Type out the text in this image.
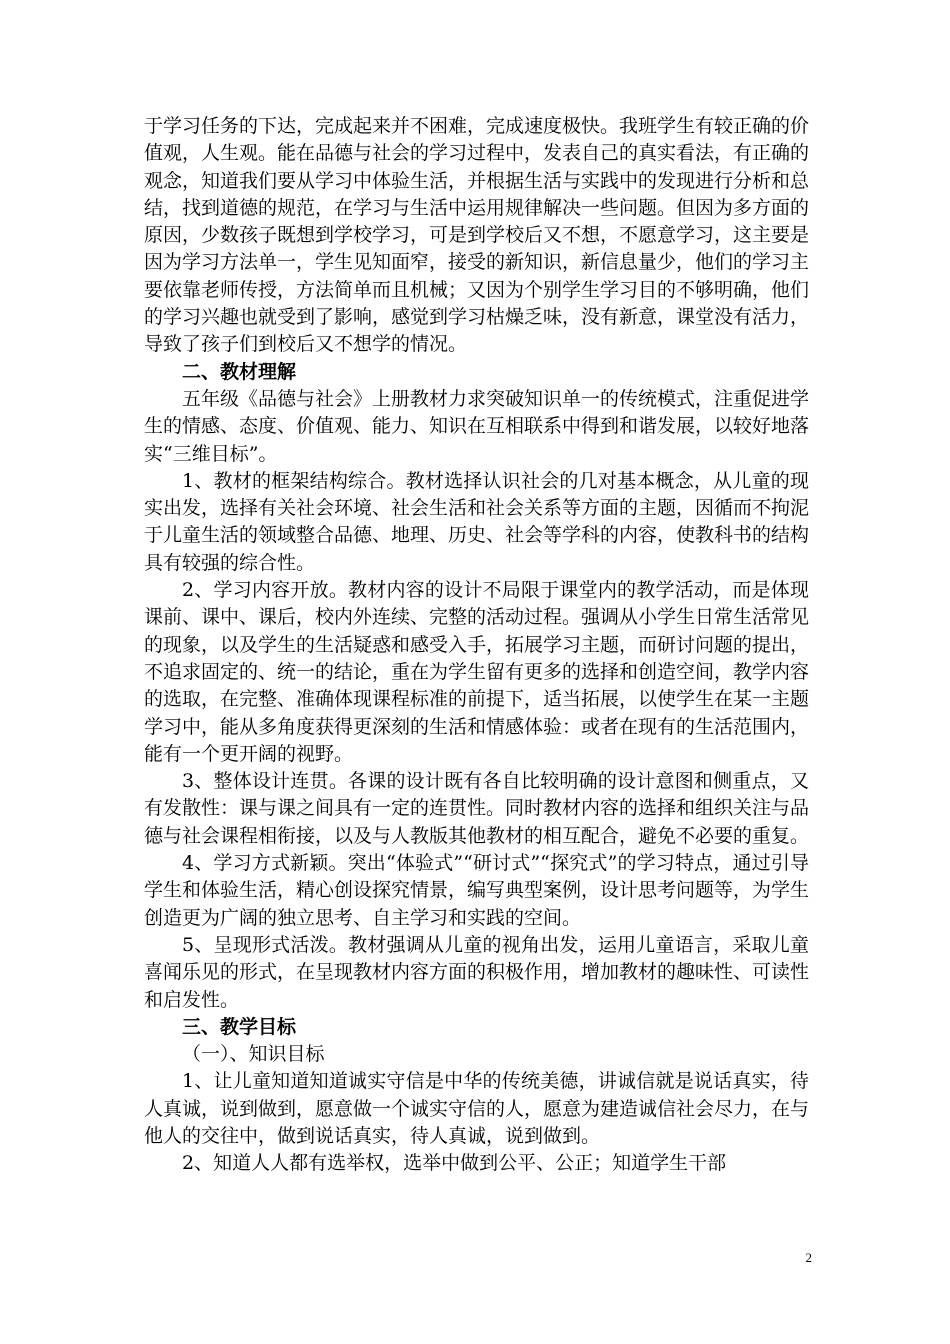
于学习任务的下达，完成起来并不困难，完成速度极快。我班学生有较正确的价值观，人生观。能在品德与社会的学习过程中，发表自己的真实看法，有正确的观念，知道我们要从学习中体验生活，并根据生活与实践中的发现进行分析和总结，找到道德的规范，在学习与生活中运用规律解决一些问题。但因为多方面的原因，少数孩子既想到学校学习，可是到学校后又不想，不愿意学习，这主要是因为学习方法单一，学生见知面窄，接受的新知识，新信息量少，他们的学习主要依靠老师传授，方法简单而且机械；又因为个别学生学习目的不够明确，他们的学习兴趣也就受到了影响，感觉到学习枯燥乏味，没有新意，课堂没有活力，导致了孩子们到校后又不想学的情况。

二、教材理解

五年级《品德与社会》上册教材力求突破知识单一的传统模式，注重促进学生的情感、态度、价值观、能力、知识在互相联系中得到和谐发展，以较好地落实“三维目标”。

1、教材的框架结构综合。教材选择认识社会的几对基本概念，从儿童的现实出发，选择有关社会环境、社会生活和社会关系等方面的主题，因循而不拘泥于儿童生活的领域整合品德、地理、历史、社会等学科的内容，使教科书的结构具有较强的综合性。

2、学习内容开放。教材内容的设计不局限于课堂内的教学活动，而是体现课前、课中、课后，校内外连续、完整的活动过程。强调从小学生日常生活常见的现象，以及学生的生活疑惑和感受入手，拓展学习主题，而研讨问题的提出，不追求固定的、统一的结论，重在为学生留有更多的选择和创造空间，教学内容的选取，在完整、准确体现课程标准的前提下，适当拓展，以使学生在某一主题学习中，能从多角度获得更深刻的生活和情感体验：或者在现有的生活范围内，能有一个更开阔的视野。

3、整体设计连贯。各课的设计既有各自比较明确的设计意图和侧重点，又有发散性：课与课之间具有一定的连贯性。同时教材内容的选择和组织关注与品德与社会课程相衔接，以及与人教版其他教材的相互配合，避免不必要的重复。

4、学习方式新颖。突出“体验式”“研讨式”“探究式”的学习特点，通过引导学生和体验生活，精心创设探究情景，编写典型案例，设计思考问题等，为学生创造更为广阔的独立思考、自主学习和实践的空间。

5、呈现形式活泼。教材强调从儿童的视角出发，运用儿童语言，采取儿童喜闻乐见的形式，在呈现教材内容方面的积极作用，增加教材的趣味性、可读性和启发性。

三、教学目标

（一）、知识目标

1、让儿童知道知道诚实守信是中华的传统美德，讲诚信就是说话真实，待人真诚，说到做到，愿意做一个诚实守信的人，愿意为建造诚信社会尽力，在与他人的交往中，做到说话真实，待人真诚，说到做到。

2、知道人人都有选举权，选举中做到公平、公正；知道学生干部

2
